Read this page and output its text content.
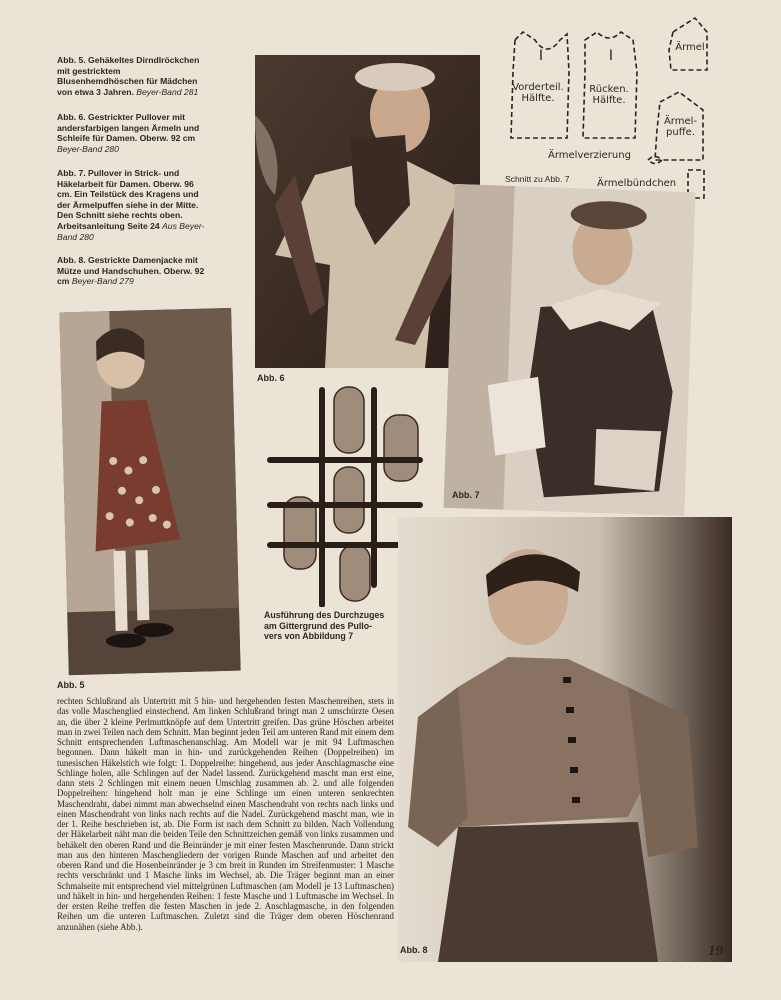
Abb. 5. Gehäkeltes Dirndlröckchen mit gestricktem Blusenhemdhöschen für Mädchen von etwa 3 Jahren. Beyer-Band 281
Abb. 6. Gestrickter Pullover mit andersfarbigen langen Ärmeln und Schleife für Damen. Oberw. 92 cm Beyer-Band 280
Abb. 7. Pullover in Strick- und Häkelarbeit für Damen. Oberw. 96 cm. Ein Teilstück des Kragens und der Ärmelpuffen siehe in der Mitte. Den Schnitt siehe rechts oben. Arbeitsanleitung Seite 24 Aus Beyer-Band 280
Abb. 8. Gestrickte Damenjacke mit Mütze und Handschuhen. Oberw. 92 cm Beyer-Band 279
Abb. 6
I	I
Vorderteil.
Hälfte.
Rücken.
Hälfte.
Ärmel
Ärmel-
puffe.
Ärmelverzierung
Ärmelbündchen
Schnitt zu Abb. 7
Abb. 7
Abb. 5
Ausführung des Durchzuges
am Gittergrund des Pullo-
vers von Abbildung 7
Abb. 8

rechten Schlußrand als Untertritt mit 5 hin- und hergehenden festen Maschenreihen, stets in das volle Maschenglied einstechend. Am linken Schlußrand bringt man 2 umschürzte Oesen an, die über 2 kleine Perlmuttknöpfe auf dem Untertritt greifen. Das grüne Höschen arbeitet man in zwei Teilen nach dem Schnitt. Man beginnt jeden Teil am unteren Rand mit einem dem Schnitt entsprechenden Luftmaschenanschlag. Am Modell war je mit 94 Luftmaschen begonnen. Dann häkelt man in hin- und zurückgehenden Reihen (Doppelreihen) im tunesischen Häkelstich wie folgt: 1. Doppelreihe: hingehend, aus jeder Anschlagmasche eine Schlinge holen, alle Schlingen auf der Nadel lassend. Zurückgehend mascht man erst eine, dann stets 2 Schlingen mit einem neuen Umschlag zusammen ab. 2. und alle folgenden Doppelreihen: hingehend holt man je eine Schlinge um einen unteren senkrechten Maschendraht, dabei nimmt man abwechselnd einen Maschendraht von rechts nach links und einen Maschendraht von links nach rechts auf die Nadel. Zurückgehend mascht man, wie in der 1. Reihe beschrieben ist, ab. Die Form ist nach dem Schnitt zu bilden. Nach Vollendung der Häkelarbeit näht man die beiden Teile den Schnittzeichen gemäß von links zusammen und behäkelt den oberen Rand und die Beinränder je mit einer festen Maschenrunde. Dann strickt man aus den hinteren Maschengliedern der vorigen Runde Maschen auf und arbeitet den oberen Rand und die Hosenbeinränder je 3 cm breit in Runden im Streifenmuster: 1 Masche rechts verschränkt und 1 Masche links im Wechsel, ab. Die Träger beginnt man an einer Schmalseite mit entsprechend viel mittelgrünen Luftmaschen (am Modell je 13 Luftmaschen) und häkelt in hin- und hergehenden Reihen: 1 feste Masche und 1 Luftmasche im Wechsel. In der ersten Reihe treffen die festen Maschen in jede 2. Anschlagmasche, in den folgenden Reihen um die unteren Luftmaschen. Zuletzt sind die Träger dem oberen Höschenrand anzunähen (siehe Abb.).

19
